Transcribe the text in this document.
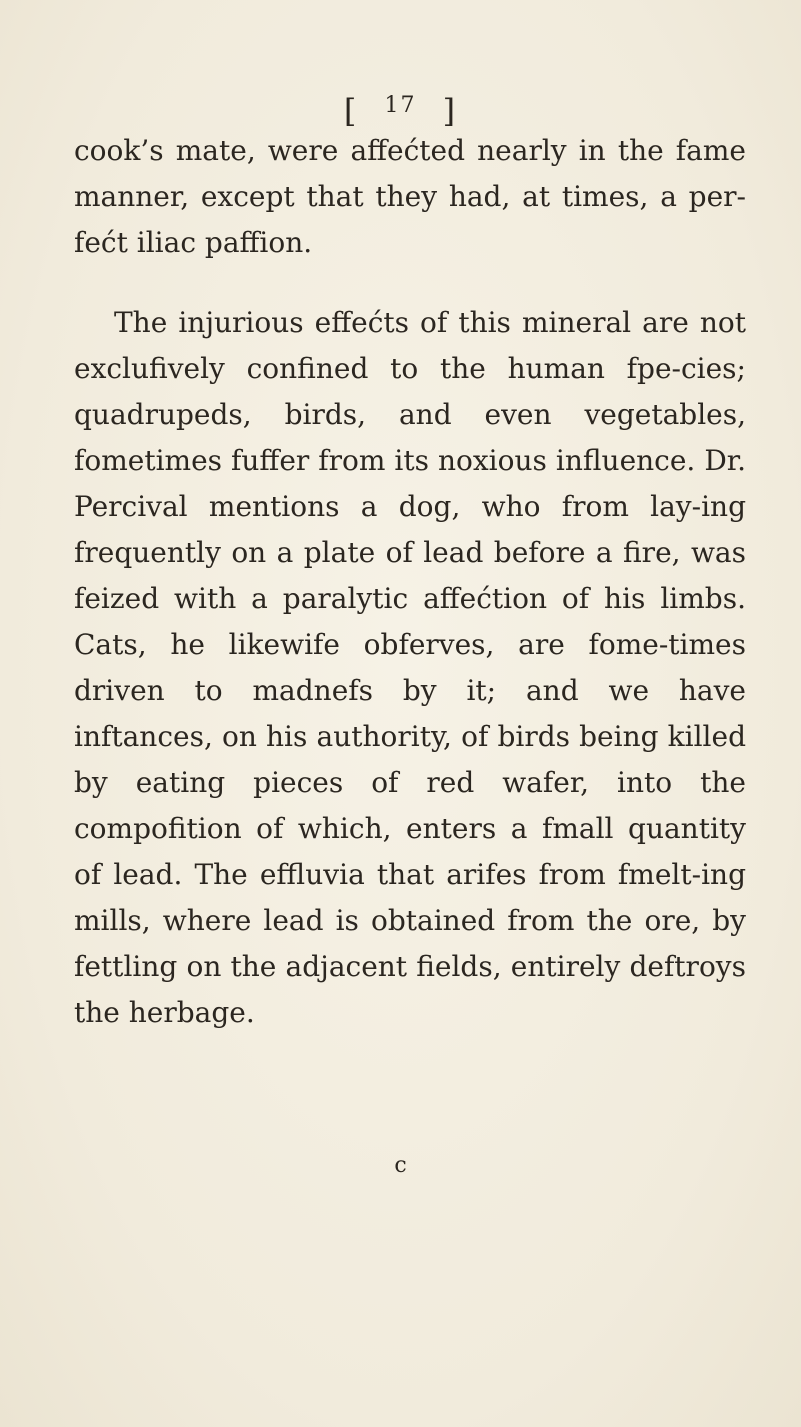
[ $^{17}$ ]

cook’s mate, were affećted nearly in the fame manner, except that they had, at times, a per-fećt iliac paffion.

The injurious effećts of this mineral are not exclufively confined to the human fpe-cies; quadrupeds, birds, and even vegetables, fometimes fuffer from its noxious influence. Dr. Percival mentions a dog, who from lay-ing frequently on a plate of lead before a fire, was feized with a paralytic affećtion of his limbs. Cats, he likewife obferves, are fome-times driven to madnefs by it; and we have inftances, on his authority, of birds being killed by eating pieces of red wafer, into the compofition of which, enters a fmall quantity of lead. The effluvia that arifes from fmelt-ing mills, where lead is obtained from the ore, by fettling on the adjacent fields, entirely deftroys the herbage.

c
